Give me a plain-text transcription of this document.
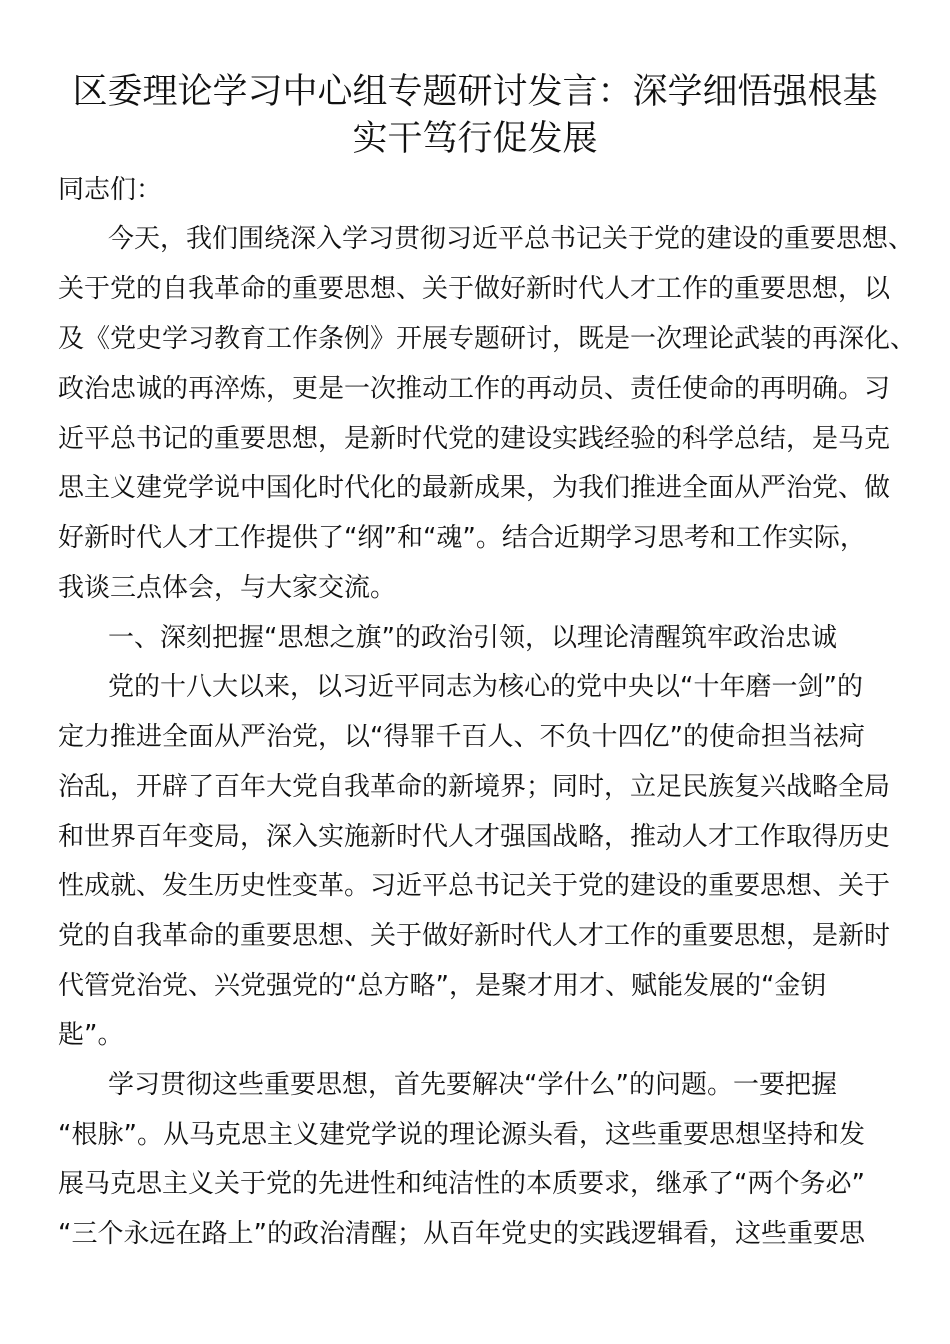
区委理论学习中心组专题研讨发言：深学细悟强根基
实干笃行促发展

同志们：

今天，我们围绕深入学习贯彻习近平总书记关于党的建设的重要思想、

关于党的自我革命的重要思想、关于做好新时代人才工作的重要思想，以

及《党史学习教育工作条例》开展专题研讨，既是一次理论武装的再深化、

政治忠诚的再淬炼，更是一次推动工作的再动员、责任使命的再明确。习

近平总书记的重要思想，是新时代党的建设实践经验的科学总结，是马克

思主义建党学说中国化时代化的最新成果，为我们推进全面从严治党、做

好新时代人才工作提供了“纲”和“魂”。结合近期学习思考和工作实际，

我谈三点体会，与大家交流。

一、深刻把握“思想之旗”的政治引领，以理论清醒筑牢政治忠诚

党的十八大以来，以习近平同志为核心的党中央以“十年磨一剑”的

定力推进全面从严治党，以“得罪千百人、不负十四亿”的使命担当祛疴

治乱，开辟了百年大党自我革命的新境界；同时，立足民族复兴战略全局

和世界百年变局，深入实施新时代人才强国战略，推动人才工作取得历史

性成就、发生历史性变革。习近平总书记关于党的建设的重要思想、关于

党的自我革命的重要思想、关于做好新时代人才工作的重要思想，是新时

代管党治党、兴党强党的“总方略”，是聚才用才、赋能发展的“金钥

匙”。

学习贯彻这些重要思想，首先要解决“学什么”的问题。一要把握

“根脉”。从马克思主义建党学说的理论源头看，这些重要思想坚持和发

展马克思主义关于党的先进性和纯洁性的本质要求，继承了“两个务必”

“三个永远在路上”的政治清醒；从百年党史的实践逻辑看，这些重要思
